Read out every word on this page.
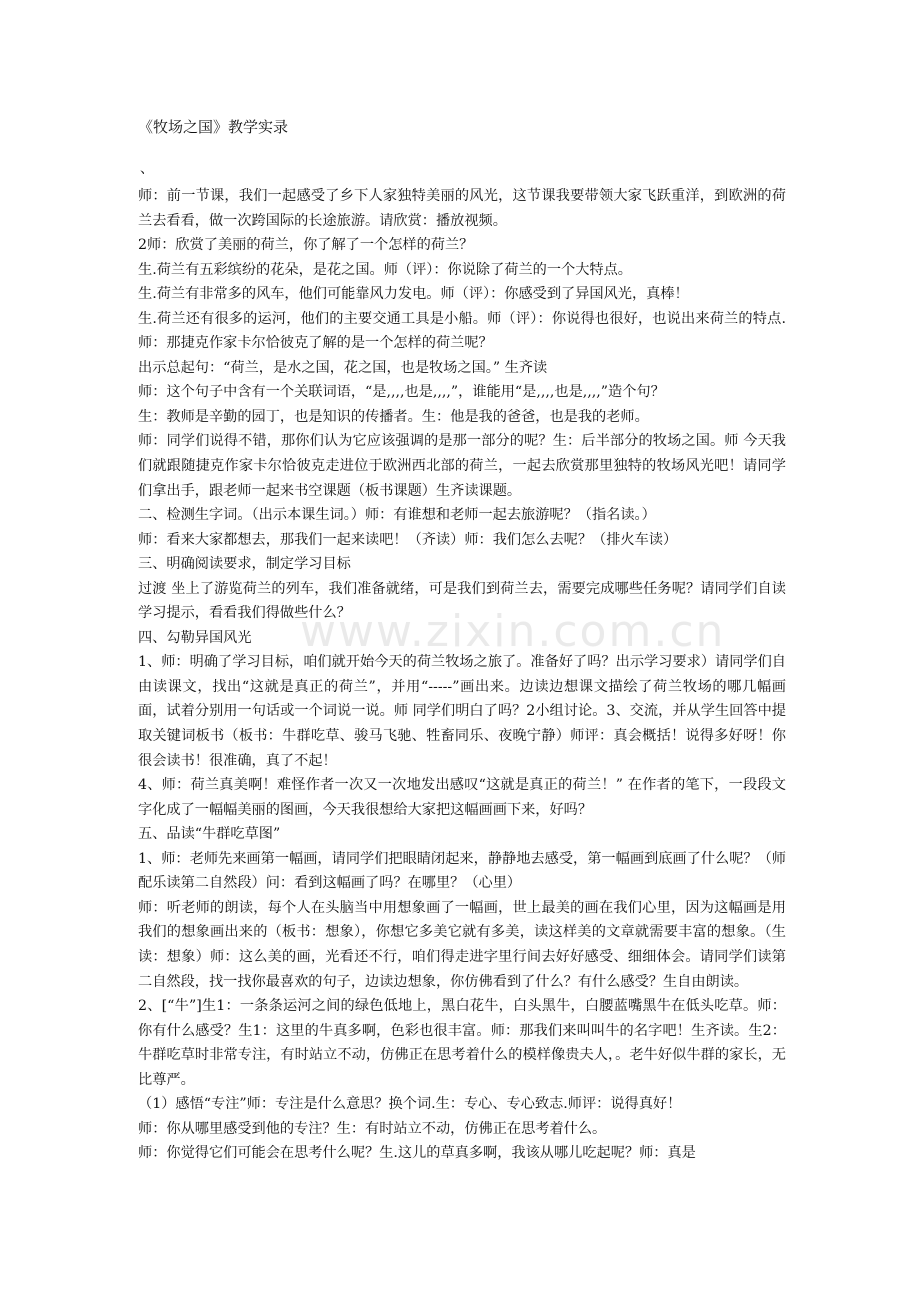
《牧场之国》教学实录
、

师：前一节课，我们一起感受了乡下人家独特美丽的风光，这节课我要带领大家飞跃重洋，到欧洲的荷兰去看看，做一次跨国际的长途旅游。请欣赏：播放视频。

2师：欣赏了美丽的荷兰，你了解了一个怎样的荷兰？

生.荷兰有五彩缤纷的花朵，是花之国。师（评）：你说除了荷兰的一个大特点。

生.荷兰有非常多的风车，他们可能靠风力发电。师（评）：你感受到了异国风光，真棒！

生.荷兰还有很多的运河，他们的主要交通工具是小船。师（评）：你说得也很好，也说出来荷兰的特点.师：那捷克作家卡尔恰彼克了解的是一个怎样的荷兰呢？

出示总起句：“荷兰，是水之国，花之国，也是牧场之国。” 生齐读

师：这个句子中含有一个关联词语，“是,,,,也是,,,,”，谁能用“是,,,,也是,,,,”造个句？

生：教师是辛勤的园丁，也是知识的传播者。生：他是我的爸爸，也是我的老师。

师：同学们说得不错，那你们认为它应该强调的是那一部分的呢？生：后半部分的牧场之国。师 今天我们就跟随捷克作家卡尔恰彼克走进位于欧洲西北部的荷兰，一起去欣赏那里独特的牧场风光吧！请同学们拿出手，跟老师一起来书空课题（板书课题）生齐读课题。

二、检测生字词。（出示本课生词。）师：有谁想和老师一起去旅游呢？（指名读。）

师：看来大家都想去，那我们一起来读吧！（齐读）师：我们怎么去呢？（排火车读）

三、明确阅读要求，制定学习目标

过渡 坐上了游览荷兰的列车，我们准备就绪，可是我们到荷兰去，需要完成哪些任务呢？请同学们自读学习提示，看看我们得做些什么？

四、勾勒异国风光

1、师：明确了学习目标，咱们就开始今天的荷兰牧场之旅了。准备好了吗？出示学习要求）请同学们自由读课文，找出“这就是真正的荷兰”，并用“-----”画出来。边读边想课文描绘了荷兰牧场的哪几幅画面，试着分别用一句话或一个词说一说。师 同学们明白了吗？2小组讨论。3、交流，并从学生回答中提取关键词板书（板书：牛群吃草、骏马飞驰、牲畜同乐、夜晚宁静）师评：真会概括！说得多好呀！你很会读书！很准确，真了不起！

4、师：荷兰真美啊！难怪作者一次又一次地发出感叹“这就是真正的荷兰！” 在作者的笔下，一段段文字化成了一幅幅美丽的图画，今天我很想给大家把这幅画画下来，好吗？

五、品读“牛群吃草图”

1、师：老师先来画第一幅画，请同学们把眼睛闭起来，静静地去感受，第一幅画到底画了什么呢？（师配乐读第二自然段）问：看到这幅画了吗？在哪里？（心里）

师：听老师的朗读，每个人在头脑当中用想象画了一幅画，世上最美的画在我们心里，因为这幅画是用我们的想象画出来的（板书：想象），你想它多美它就有多美，读这样美的文章就需要丰富的想象。（生读：想象）师：这么美的画，光看还不行，咱们得走进字里行间去好好感受、细细体会。请同学们读第二自然段，找一找你最喜欢的句子，边读边想象，你仿佛看到了什么？有什么感受？生自由朗读。

2、[“牛”]生1：一条条运河之间的绿色低地上，黑白花牛，白头黑牛，白腰蓝嘴黑牛在低头吃草。师：你有什么感受？生1：这里的牛真多啊，色彩也很丰富。师：那我们来叫叫牛的名字吧！生齐读。生2：牛群吃草时非常专注，有时站立不动，仿佛正在思考着什么的模样像贵夫人，。老牛好似牛群的家长，无比尊严。

（1）感悟“专注”师：专注是什么意思？换个词.生：专心、专心致志.师评：说得真好！

师：你从哪里感受到他的专注？生：有时站立不动，仿佛正在思考着什么。

师：你觉得它们可能会在思考什么呢？生.这儿的草真多啊，我该从哪儿吃起呢？师：真是

www.zixin.com.cn
